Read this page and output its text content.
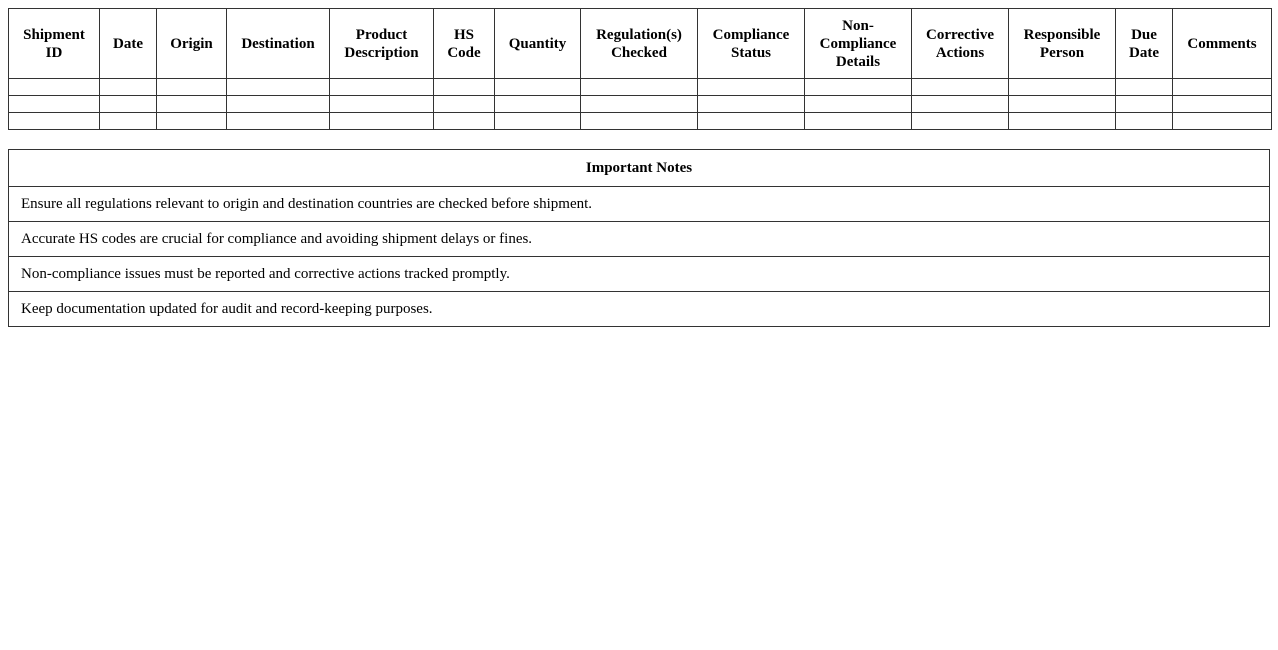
Shipment ID	Date	Origin	Destination	Product Description	HS Code	Quantity	Regulation(s) Checked	Compliance Status	Non-Compliance Details	Corrective Actions	Responsible Person	Due Date	Comments

Important Notes
Ensure all regulations relevant to origin and destination countries are checked before shipment.
Accurate HS codes are crucial for compliance and avoiding shipment delays or fines.
Non-compliance issues must be reported and corrective actions tracked promptly.
Keep documentation updated for audit and record-keeping purposes.
